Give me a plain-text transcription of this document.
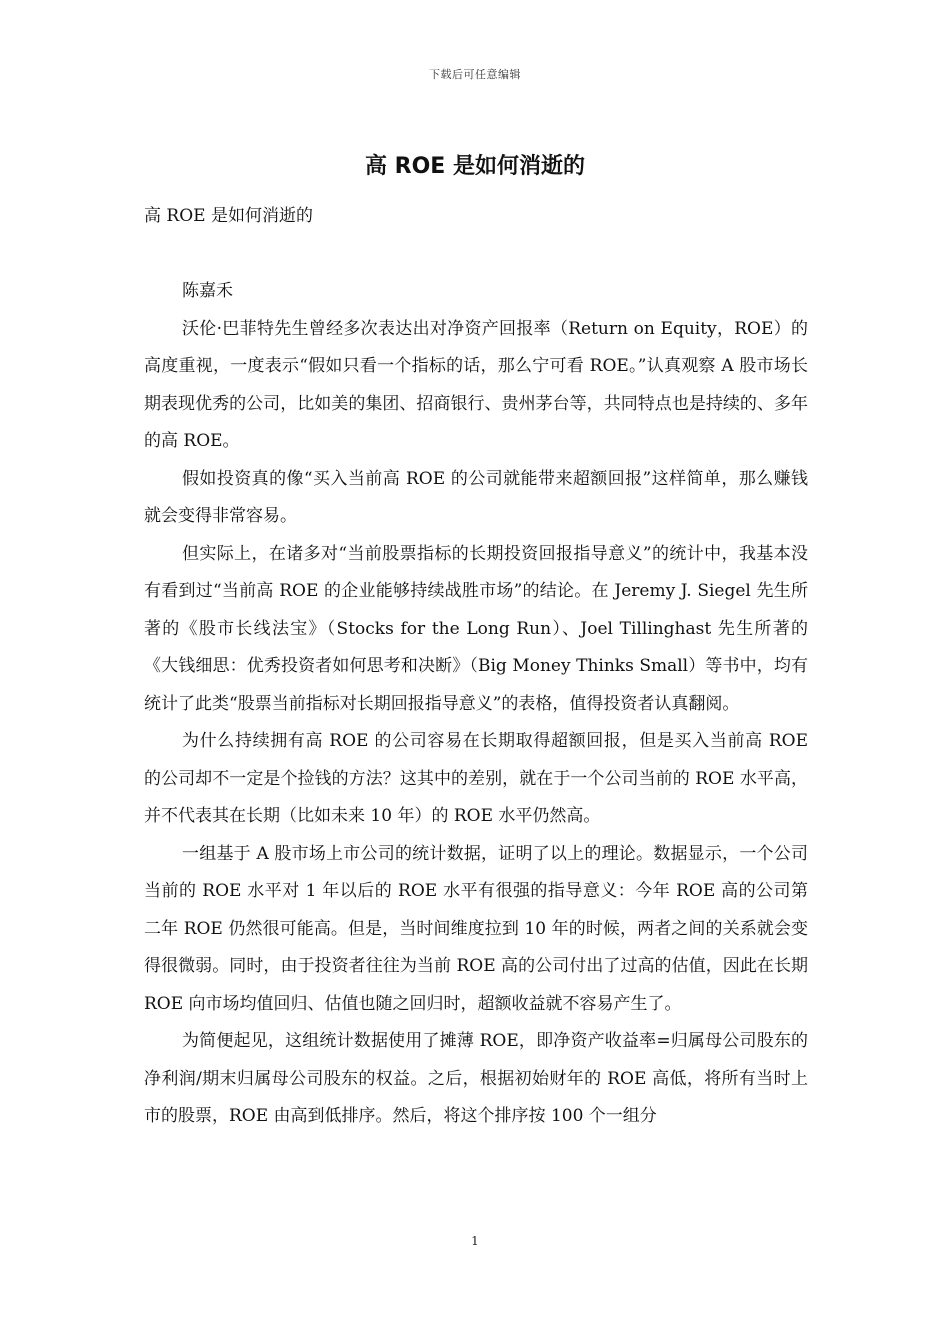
下载后可任意编辑
高 ROE 是如何消逝的

高 ROE 是如何消逝的

陈嘉禾

沃伦·巴菲特先生曾经多次表达出对净资产回报率（Return on Equity，ROE）的高度重视，一度表示“假如只看一个指标的话，那么宁可看 ROE。”认真观察 A 股市场长期表现优秀的公司，比如美的集团、招商银行、贵州茅台等，共同特点也是持续的、多年的高 ROE。

假如投资真的像“买入当前高 ROE 的公司就能带来超额回报”这样简单，那么赚钱就会变得非常容易。

但实际上，在诸多对“当前股票指标的长期投资回报指导意义”的统计中，我基本没有看到过“当前高 ROE 的企业能够持续战胜市场”的结论。在 Jeremy J. Siegel 先生所著的《股市长线法宝》（Stocks for the Long Run）、Joel Tillinghast 先生所著的《大钱细思：优秀投资者如何思考和决断》（Big Money Thinks Small）等书中，均有统计了此类“股票当前指标对长期回报指导意义”的表格，值得投资者认真翻阅。

为什么持续拥有高 ROE 的公司容易在长期取得超额回报，但是买入当前高 ROE 的公司却不一定是个捡钱的方法？这其中的差别，就在于一个公司当前的 ROE 水平高，并不代表其在长期（比如未来 10 年）的 ROE 水平仍然高。

一组基于 A 股市场上市公司的统计数据，证明了以上的理论。数据显示，一个公司当前的 ROE 水平对 1 年以后的 ROE 水平有很强的指导意义：今年 ROE 高的公司第二年 ROE 仍然很可能高。但是，当时间维度拉到 10 年的时候，两者之间的关系就会变得很微弱。同时，由于投资者往往为当前 ROE 高的公司付出了过高的估值，因此在长期 ROE 向市场均值回归、估值也随之回归时，超额收益就不容易产生了。

为简便起见，这组统计数据使用了摊薄 ROE，即净资产收益率=归属母公司股东的净利润/期末归属母公司股东的权益。之后，根据初始财年的 ROE 高低，将所有当时上市的股票，ROE 由高到低排序。然后，将这个排序按 100 个一组分

1
